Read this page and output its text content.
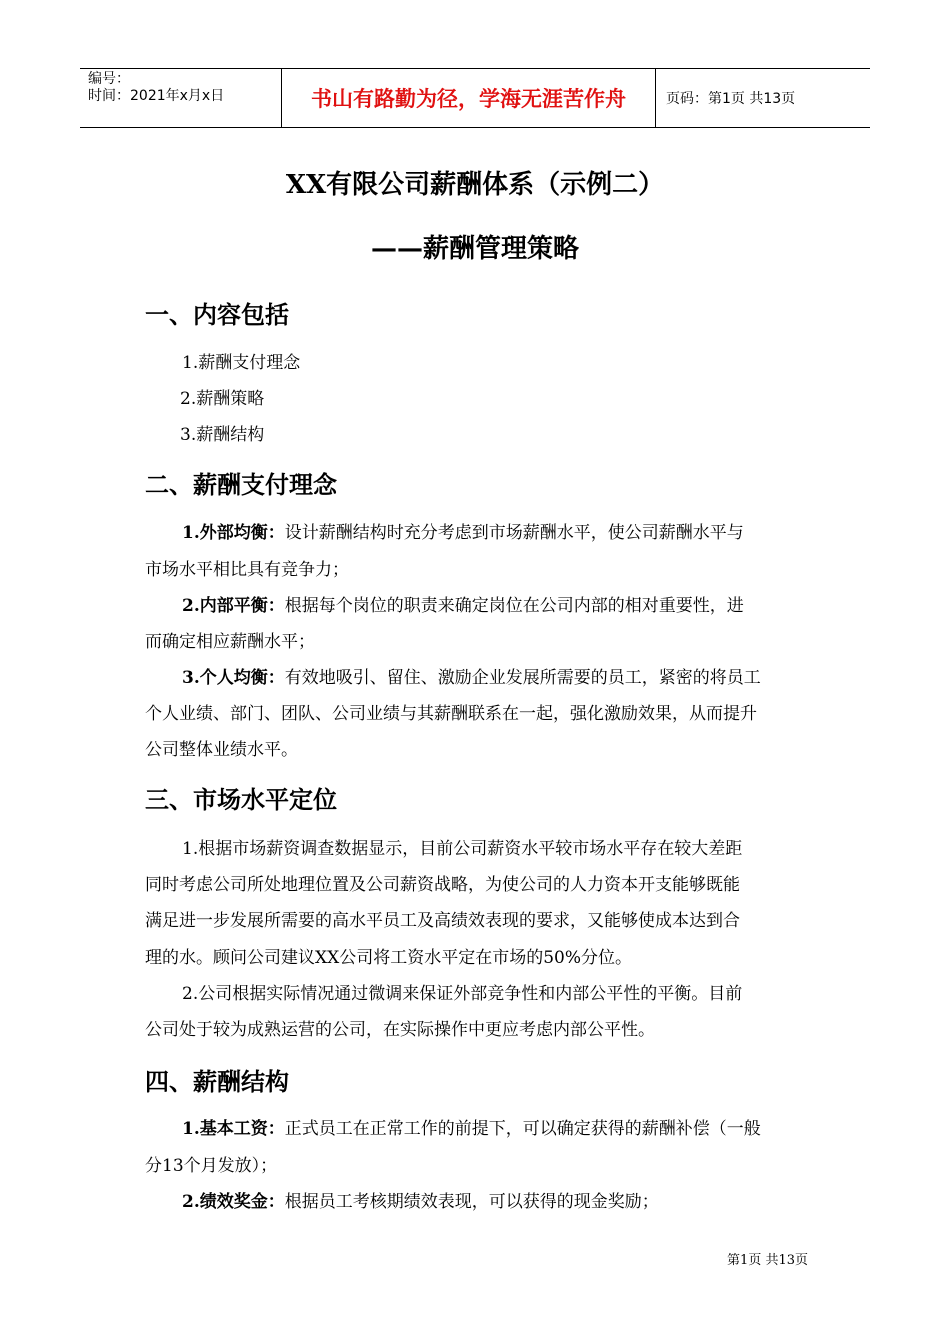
编号：
时间：2021年x月x日	书山有路勤为径，学海无涯苦作舟	页码：第1页 共13页
XX有限公司薪酬体系（示例二）
——薪酬管理策略
一、内容包括
1.薪酬支付理念
2.薪酬策略
3.薪酬结构
二、薪酬支付理念
1.外部均衡：设计薪酬结构时充分考虑到市场薪酬水平，使公司薪酬水平与
市场水平相比具有竞争力；
2.内部平衡：根据每个岗位的职责来确定岗位在公司内部的相对重要性，进
而确定相应薪酬水平；
3.个人均衡：有效地吸引、留住、激励企业发展所需要的员工，紧密的将员工
个人业绩、部门、团队、公司业绩与其薪酬联系在一起，强化激励效果，从而提升
公司整体业绩水平。
三、市场水平定位
1.根据市场薪资调查数据显示，目前公司薪资水平较市场水平存在较大差距
同时考虑公司所处地理位置及公司薪资战略，为使公司的人力资本开支能够既能
满足进一步发展所需要的高水平员工及高绩效表现的要求，又能够使成本达到合
理的水。顾问公司建议XX公司将工资水平定在市场的50%分位。
2.公司根据实际情况通过微调来保证外部竞争性和内部公平性的平衡。目前
公司处于较为成熟运营的公司，在实际操作中更应考虑内部公平性。
四、薪酬结构
1.基本工资：正式员工在正常工作的前提下，可以确定获得的薪酬补偿（一般
分13个月发放）；
2.绩效奖金：根据员工考核期绩效表现，可以获得的现金奖励；
第1页 共13页
